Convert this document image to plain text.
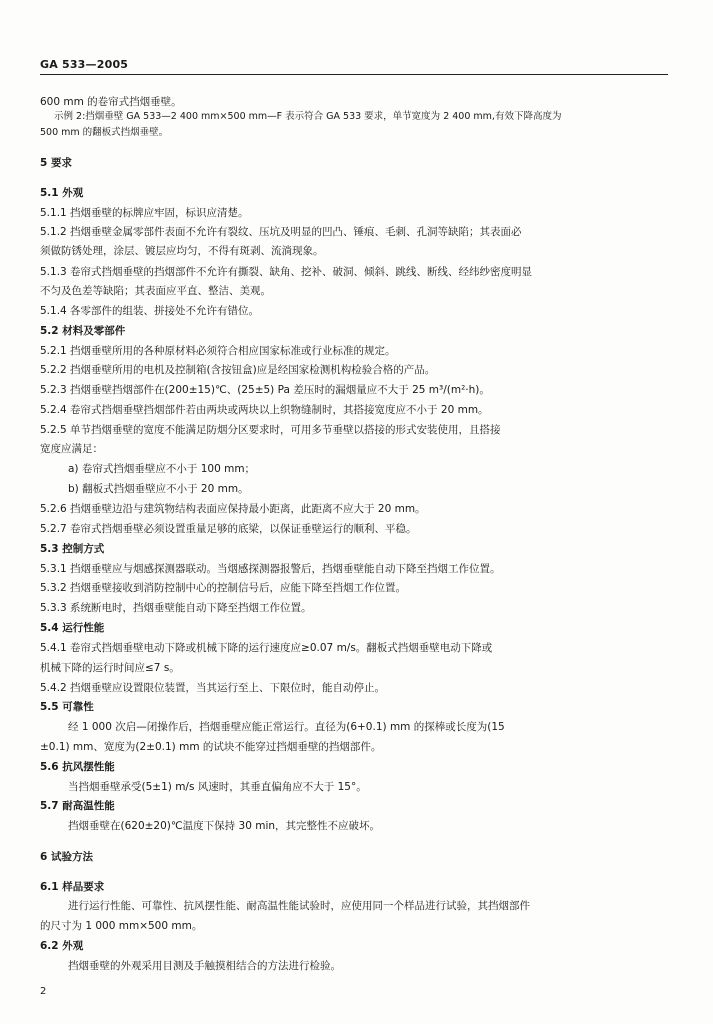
GA 533—2005
600 mm 的卷帘式挡烟垂壁。
示例 2:挡烟垂壁 GA 533—2 400 mm×500 mm—F 表示符合 GA 533 要求，单节宽度为 2 400 mm,有效下降高度为
500 mm 的翻板式挡烟垂壁。
5 要求
5.1 外观
5.1.1 挡烟垂壁的标牌应牢固，标识应清楚。
5.1.2 挡烟垂壁金属零部件表面不允许有裂纹、压坑及明显的凹凸、锤痕、毛刺、孔洞等缺陷；其表面必
须做防锈处理，涂层、镀层应均匀，不得有斑剥、流淌现象。
5.1.3 卷帘式挡烟垂壁的挡烟部件不允许有撕裂、缺角、挖补、破洞、倾斜、跳线、断线、经纬纱密度明显
不匀及色差等缺陷；其表面应平直、整洁、美观。
5.1.4 各零部件的组装、拼接处不允许有错位。
5.2 材料及零部件
5.2.1 挡烟垂壁所用的各种原材料必须符合相应国家标准或行业标准的规定。
5.2.2 挡烟垂壁所用的电机及控制箱(含按钮盒)应是经国家检测机构检验合格的产品。
5.2.3 挡烟垂壁挡烟部件在(200±15)℃、(25±5) Pa 差压时的漏烟量应不大于 25 m³/(m²·h)。
5.2.4 卷帘式挡烟垂壁挡烟部件若由两块或两块以上织物缝制时，其搭接宽度应不小于 20 mm。
5.2.5 单节挡烟垂壁的宽度不能满足防烟分区要求时，可用多节垂壁以搭接的形式安装使用，且搭接
宽度应满足：
a) 卷帘式挡烟垂壁应不小于 100 mm；
b) 翻板式挡烟垂壁应不小于 20 mm。
5.2.6 挡烟垂壁边沿与建筑物结构表面应保持最小距离，此距离不应大于 20 mm。
5.2.7 卷帘式挡烟垂壁必须设置重量足够的底梁，以保证垂壁运行的顺利、平稳。
5.3 控制方式
5.3.1 挡烟垂壁应与烟感探测器联动。当烟感探测器报警后，挡烟垂壁能自动下降至挡烟工作位置。
5.3.2 挡烟垂壁接收到消防控制中心的控制信号后，应能下降至挡烟工作位置。
5.3.3 系统断电时，挡烟垂壁能自动下降至挡烟工作位置。
5.4 运行性能
5.4.1 卷帘式挡烟垂壁电动下降或机械下降的运行速度应≥0.07 m/s。翻板式挡烟垂壁电动下降或
机械下降的运行时间应≤7 s。
5.4.2 挡烟垂壁应设置限位装置，当其运行至上、下限位时，能自动停止。
5.5 可靠性
经 1 000 次启—闭操作后，挡烟垂壁应能正常运行。直径为(6+0.1) mm 的探棒或长度为(15
±0.1) mm、宽度为(2±0.1) mm 的试块不能穿过挡烟垂壁的挡烟部件。
5.6 抗风摆性能
当挡烟垂壁承受(5±1) m/s 风速时，其垂直偏角应不大于 15°。
5.7 耐高温性能
挡烟垂壁在(620±20)℃温度下保持 30 min，其完整性不应破坏。
6 试验方法
6.1 样品要求
进行运行性能、可靠性、抗风摆性能、耐高温性能试验时，应使用同一个样品进行试验，其挡烟部件
的尺寸为 1 000 mm×500 mm。
6.2 外观
挡烟垂壁的外观采用目测及手触摸相结合的方法进行检验。
2
